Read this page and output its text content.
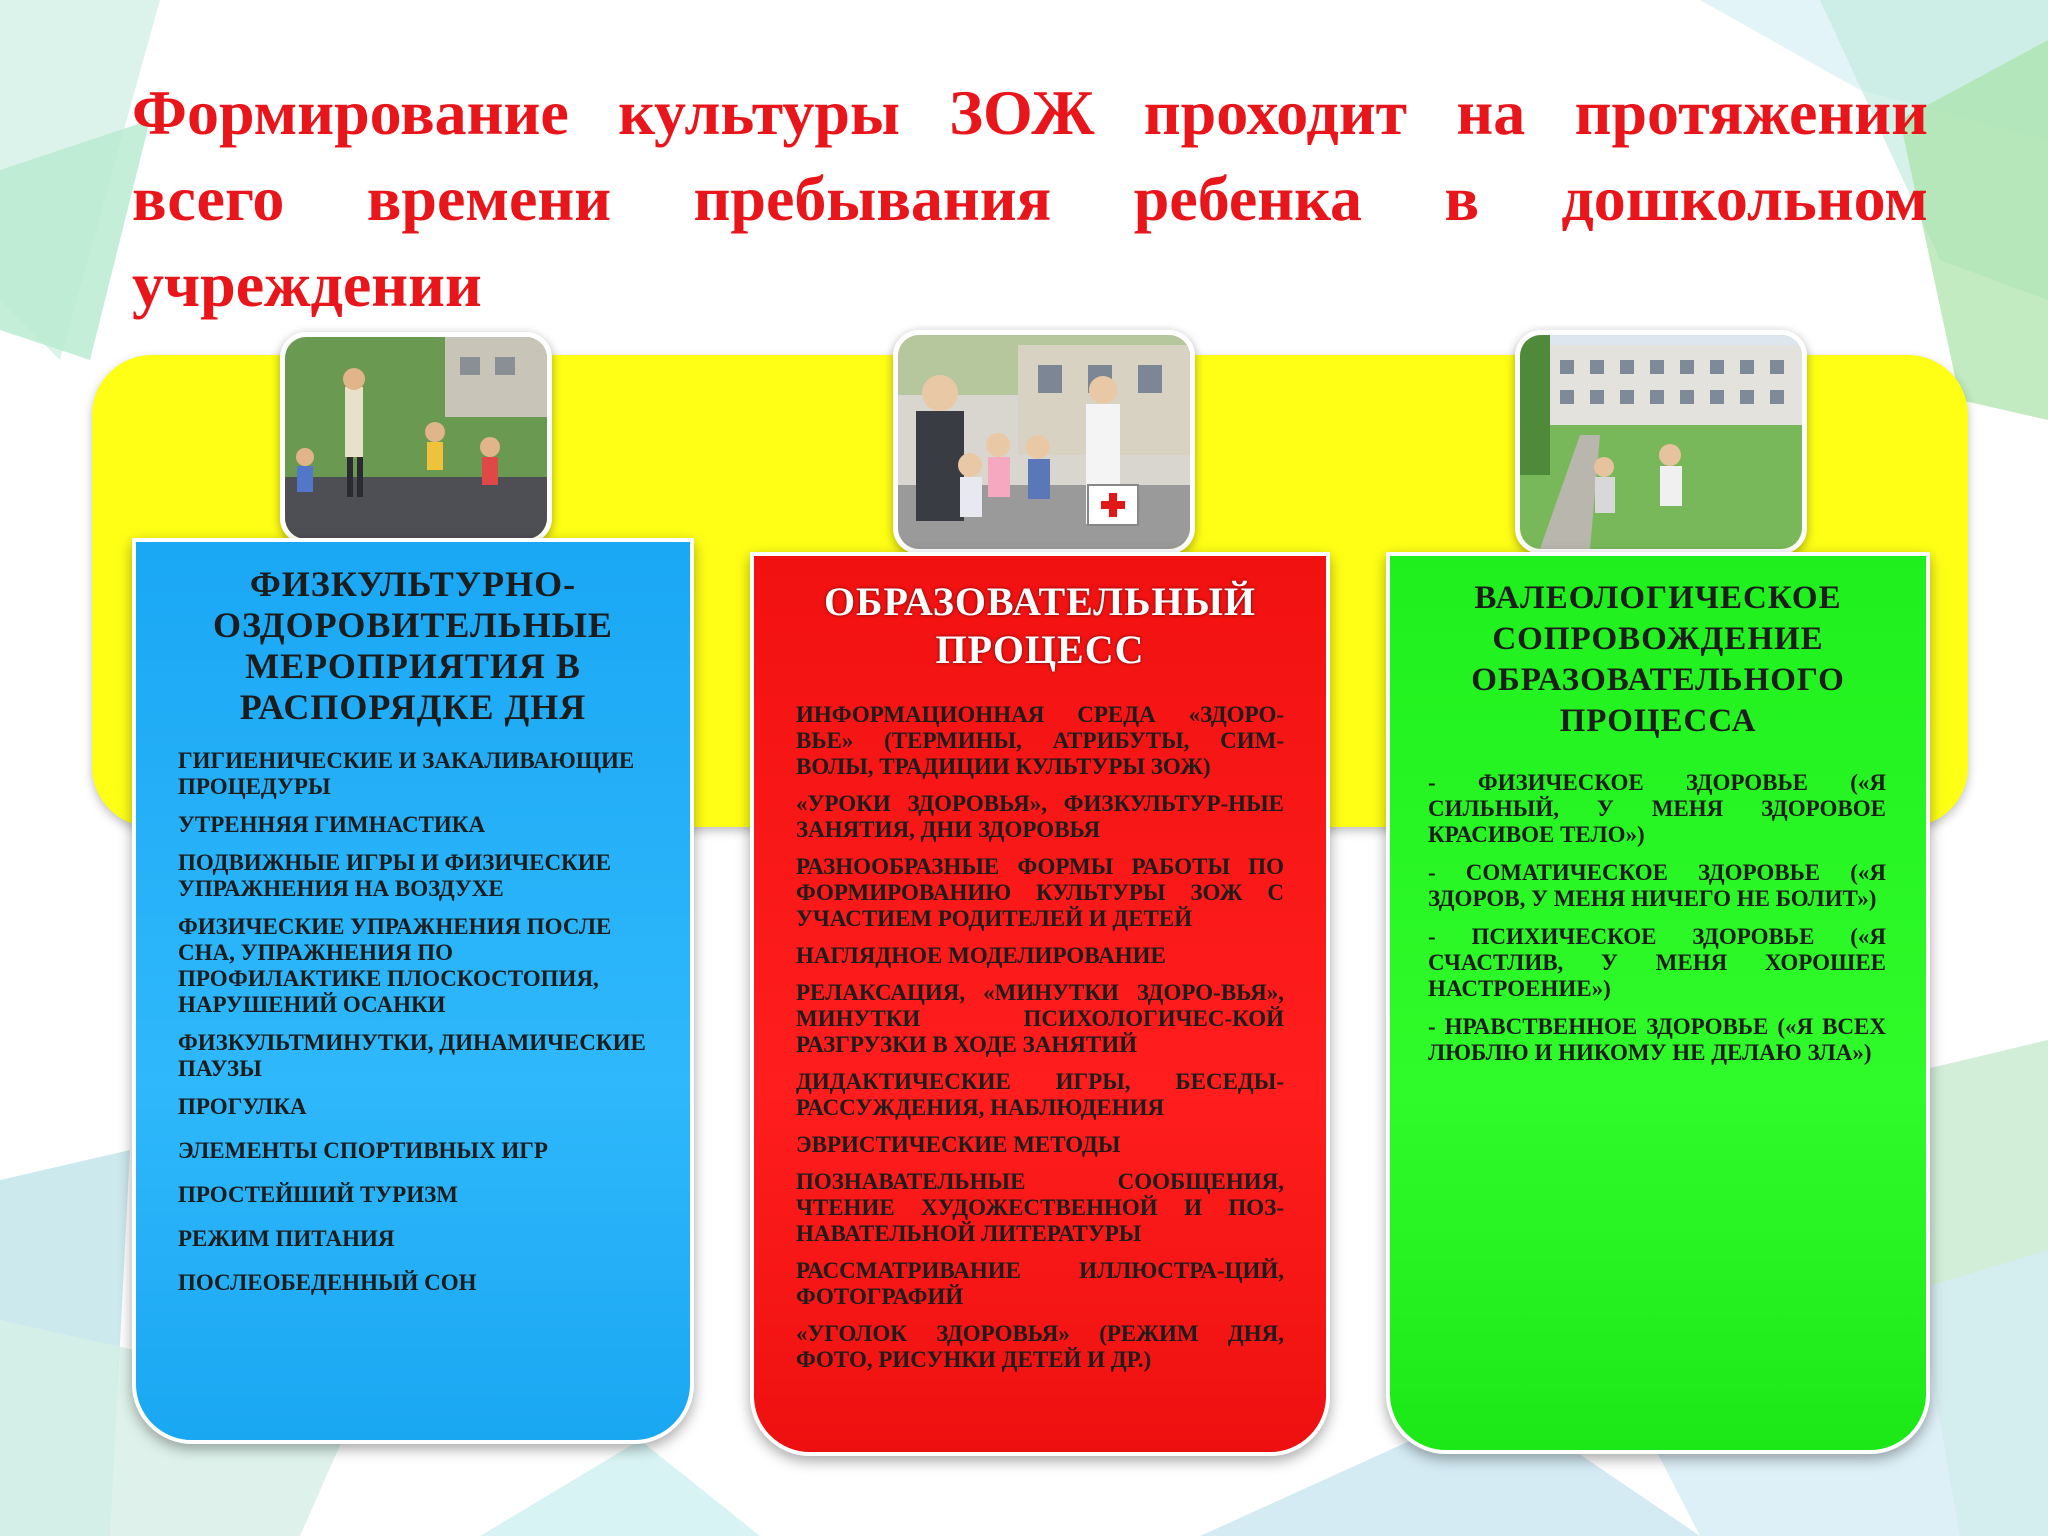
Формирование культуры ЗОЖ проходит на протяжении всего времени пребывания ребенка в дошкольном учреждении
ФИЗКУЛЬТУРНО-ОЗДОРОВИТЕЛЬНЫЕ МЕРОПРИЯТИЯ В РАСПОРЯДКЕ ДНЯ
ГИГИЕНИЧЕСКИЕ И ЗАКАЛИВАЮЩИЕ ПРОЦЕДУРЫ
УТРЕННЯЯ ГИМНАСТИКА
ПОДВИЖНЫЕ ИГРЫ И ФИЗИЧЕСКИЕ УПРАЖНЕНИЯ НА ВОЗДУХЕ
ФИЗИЧЕСКИЕ УПРАЖНЕНИЯ ПОСЛЕ СНА, УПРАЖНЕНИЯ ПО ПРОФИЛАКТИКЕ ПЛОСКОСТОПИЯ, НАРУШЕНИЙ ОСАНКИ
ФИЗКУЛЬТМИНУТКИ, ДИНАМИЧЕСКИЕ ПАУЗЫ
ПРОГУЛКА
ЭЛЕМЕНТЫ СПОРТИВНЫХ ИГР
ПРОСТЕЙШИЙ ТУРИЗМ
РЕЖИМ ПИТАНИЯ
ПОСЛЕОБЕДЕННЫЙ СОН
ОБРАЗОВАТЕЛЬНЫЙ ПРОЦЕСС
ИНФОРМАЦИОННАЯ СРЕДА «ЗДОРО-ВЬЕ» (ТЕРМИНЫ, АТРИБУТЫ, СИМ-ВОЛЫ, ТРАДИЦИИ КУЛЬТУРЫ ЗОЖ)
«УРОКИ ЗДОРОВЬЯ», ФИЗКУЛЬТУР-НЫЕ ЗАНЯТИЯ, ДНИ ЗДОРОВЬЯ
РАЗНООБРАЗНЫЕ ФОРМЫ РАБОТЫ ПО ФОРМИРОВАНИЮ КУЛЬТУРЫ ЗОЖ С УЧАСТИЕМ РОДИТЕЛЕЙ И ДЕТЕЙ
НАГЛЯДНОЕ МОДЕЛИРОВАНИЕ
РЕЛАКСАЦИЯ, «МИНУТКИ ЗДОРО-ВЬЯ», МИНУТКИ ПСИХОЛОГИЧЕС-КОЙ РАЗГРУЗКИ В ХОДЕ ЗАНЯТИЙ
ДИДАКТИЧЕСКИЕ ИГРЫ, БЕСЕДЫ-РАССУЖДЕНИЯ, НАБЛЮДЕНИЯ
ЭВРИСТИЧЕСКИЕ МЕТОДЫ
ПОЗНАВАТЕЛЬНЫЕ СООБЩЕНИЯ, ЧТЕНИЕ ХУДОЖЕСТВЕННОЙ И ПОЗ-НАВАТЕЛЬНОЙ ЛИТЕРАТУРЫ
РАССМАТРИВАНИЕ ИЛЛЮСТРА-ЦИЙ, ФОТОГРАФИЙ
«УГОЛОК ЗДОРОВЬЯ» (РЕЖИМ ДНЯ, ФОТО, РИСУНКИ ДЕТЕЙ И ДР.)
ВАЛЕОЛОГИЧЕСКОЕ СОПРОВОЖДЕНИЕ ОБРАЗОВАТЕЛЬНОГО ПРОЦЕССА
- ФИЗИЧЕСКОЕ ЗДОРОВЬЕ («Я СИЛЬНЫЙ, У МЕНЯ ЗДОРОВОЕ КРАСИВОЕ ТЕЛО»)
- СОМАТИЧЕСКОЕ ЗДОРОВЬЕ («Я ЗДОРОВ, У МЕНЯ НИЧЕГО НЕ БОЛИТ»)
- ПСИХИЧЕСКОЕ ЗДОРОВЬЕ («Я СЧАСТЛИВ, У МЕНЯ ХОРОШЕЕ НАСТРОЕНИЕ»)
- НРАВСТВЕННОЕ ЗДОРОВЬЕ («Я ВСЕХ ЛЮБЛЮ И НИКОМУ НЕ ДЕЛАЮ ЗЛА»)
